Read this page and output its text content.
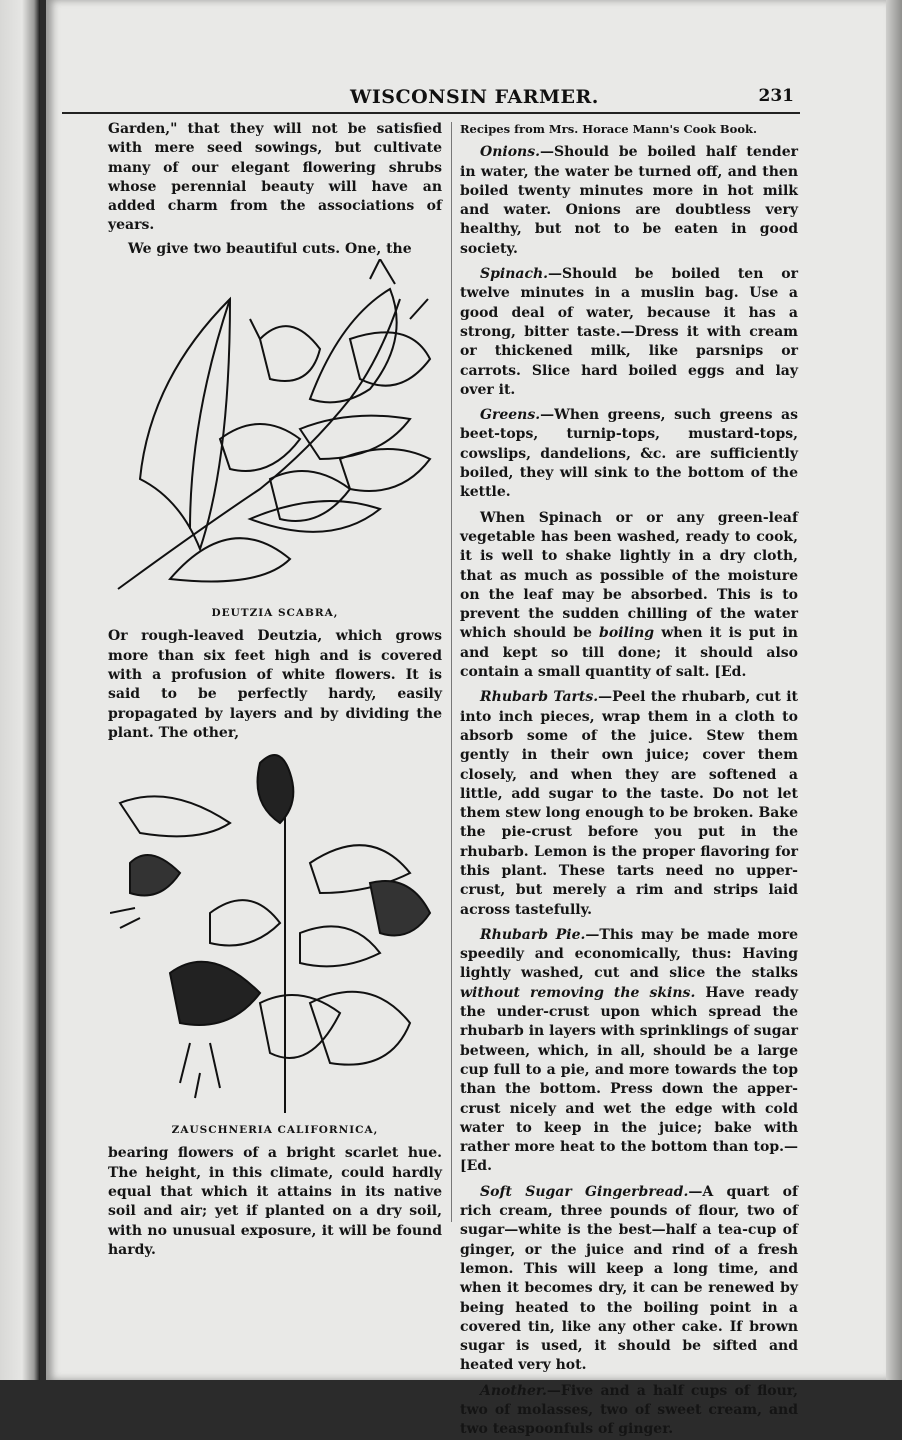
WISCONSIN FARMER.	231

Garden," that they will not be satisfied with mere seed sowings, but cultivate many of our elegant flowering shrubs whose perennial beauty will have an added charm from the associations of years.

We give two beautiful cuts. One, the

DEUTZIA SCABRA,

Or rough-leaved Deutzia, which grows more than six feet high and is covered with a profusion of white flowers. It is said to be perfectly hardy, easily propagated by layers and by dividing the plant. The other,

ZAUSCHNERIA CALIFORNICA,

bearing flowers of a bright scarlet hue. The height, in this climate, could hardly equal that which it attains in its native soil and air; yet if planted on a dry soil, with no unusual exposure, it will be found hardy.

Recipes from Mrs. Horace Mann's Cook Book.

Onions.—Should be boiled half tender in water, the water be turned off, and then boiled twenty minutes more in hot milk and water. Onions are doubtless very healthy, but not to be eaten in good society.

Spinach.—Should be boiled ten or twelve minutes in a muslin bag. Use a good deal of water, because it has a strong, bitter taste.—Dress it with cream or thickened milk, like parsnips or carrots. Slice hard boiled eggs and lay over it.

Greens.—When greens, such greens as beet-tops, turnip-tops, mustard-tops, cowslips, dandelions, &c. are sufficiently boiled, they will sink to the bottom of the kettle.

When Spinach or or any green-leaf vegetable has been washed, ready to cook, it is well to shake lightly in a dry cloth, that as much as possible of the moisture on the leaf may be absorbed. This is to prevent the sudden chilling of the water which should be boiling when it is put in and kept so till done; it should also contain a small quantity of salt. [Ed.

Rhubarb Tarts.—Peel the rhubarb, cut it into inch pieces, wrap them in a cloth to absorb some of the juice. Stew them gently in their own juice; cover them closely, and when they are softened a little, add sugar to the taste. Do not let them stew long enough to be broken. Bake the pie-crust before you put in the rhubarb. Lemon is the proper flavoring for this plant. These tarts need no upper-crust, but merely a rim and strips laid across tastefully.

Rhubarb Pie.—This may be made more speedily and economically, thus: Having lightly washed, cut and slice the stalks without removing the skins. Have ready the under-crust upon which spread the rhubarb in layers with sprinklings of sugar between, which, in all, should be a large cup full to a pie, and more towards the top than the bottom. Press down the apper-crust nicely and wet the edge with cold water to keep in the juice; bake with rather more heat to the bottom than top.—[Ed.

Soft Sugar Gingerbread.—A quart of rich cream, three pounds of flour, two of sugar—white is the best—half a tea-cup of ginger, or the juice and rind of a fresh lemon. This will keep a long time, and when it becomes dry, it can be renewed by being heated to the boiling point in a covered tin, like any other cake. If brown sugar is used, it should be sifted and heated very hot.

Another.—Five and a half cups of flour, two of molasses, two of sweet cream, and two teaspoonfuls of ginger.
